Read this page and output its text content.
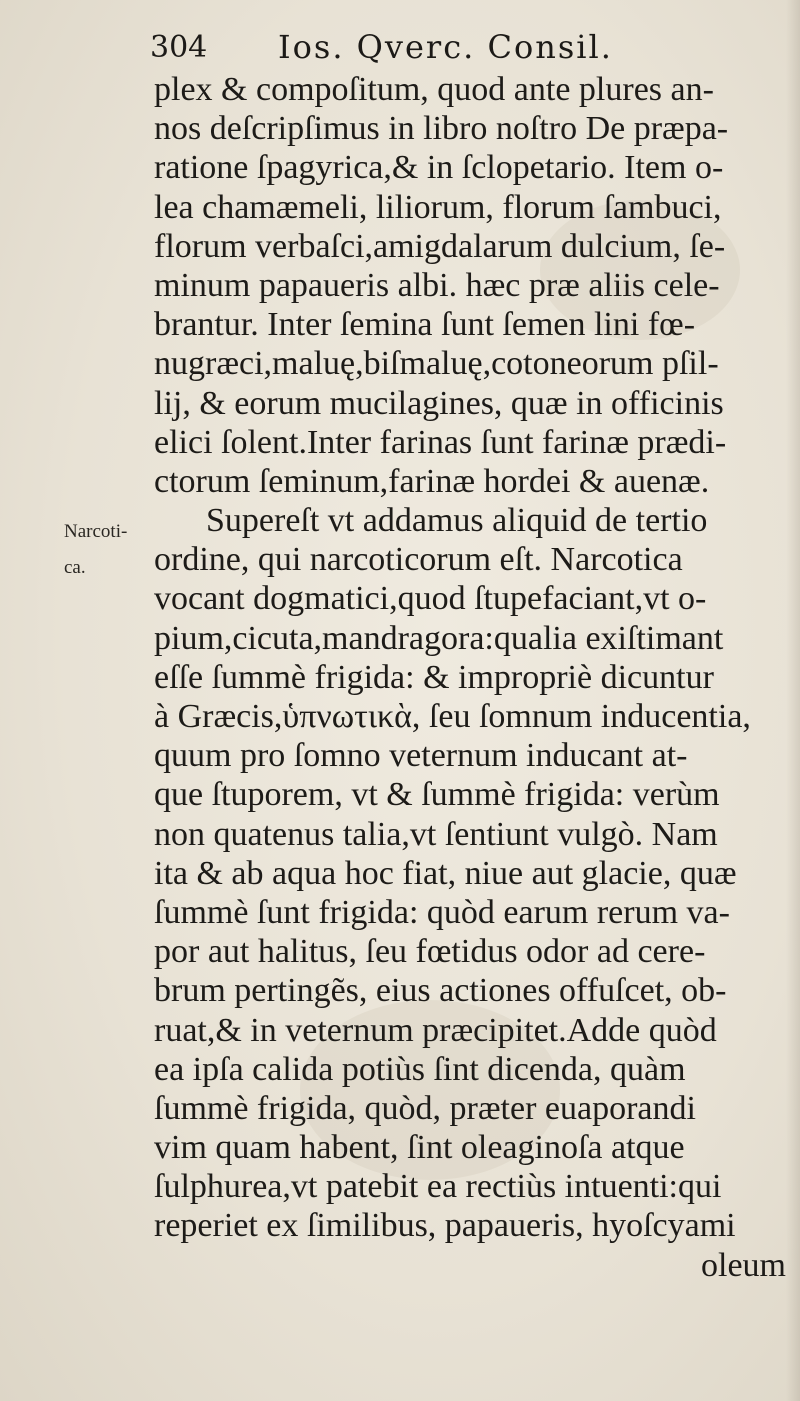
304 Ios. Qverc. Consil.
Narcoti-
ca.
plex & compoſitum, quod ante plures an-
nos deſcripſimus in libro noſtro De præpa-
ratione ſpagyrica,& in ſclopetario. Item o-
lea chamæmeli, liliorum, florum ſambuci,
florum verbaſci,amigdalarum dulcium, ſe-
minum papaueris albi. hæc præ aliis cele-
brantur. Inter ſemina ſunt ſemen lini fœ-
nugræci,maluę,biſmaluę,cotoneorum pſil-
lij, & eorum mucilagines, quæ in officinis
elici ſolent.Inter farinas ſunt farinæ prædi-
ctorum ſeminum,farinæ hordei & auenæ.
Supereſt vt addamus aliquid de tertio
ordine, qui narcoticorum eſt. Narcotica
vocant dogmatici,quod ſtupefaciant,vt o-
pium,cicuta,mandragora:qualia exiſtimant
eſſe ſummè frigida: & impropriè dicuntur
à Græcis,ὑπνωτικὰ, ſeu ſomnum inducentia,
quum pro ſomno veternum inducant at-
que ſtuporem, vt & ſummè frigida: verùm
non quatenus talia,vt ſentiunt vulgò. Nam
ita & ab aqua hoc fiat, niue aut glacie, quæ
ſummè ſunt frigida: quòd earum rerum va-
por aut halitus, ſeu fœtidus odor ad cere-
brum pertingẽs, eius actiones offuſcet, ob-
ruat,& in veternum præcipitet.Adde quòd
ea ipſa calida potiùs ſint dicenda, quàm
ſummè frigida, quòd, præter euaporandi
vim quam habent, ſint oleaginoſa atque
ſulphurea,vt patebit ea rectiùs intuenti:qui
reperiet ex ſimilibus, papaueris, hyoſcyami
oleum
